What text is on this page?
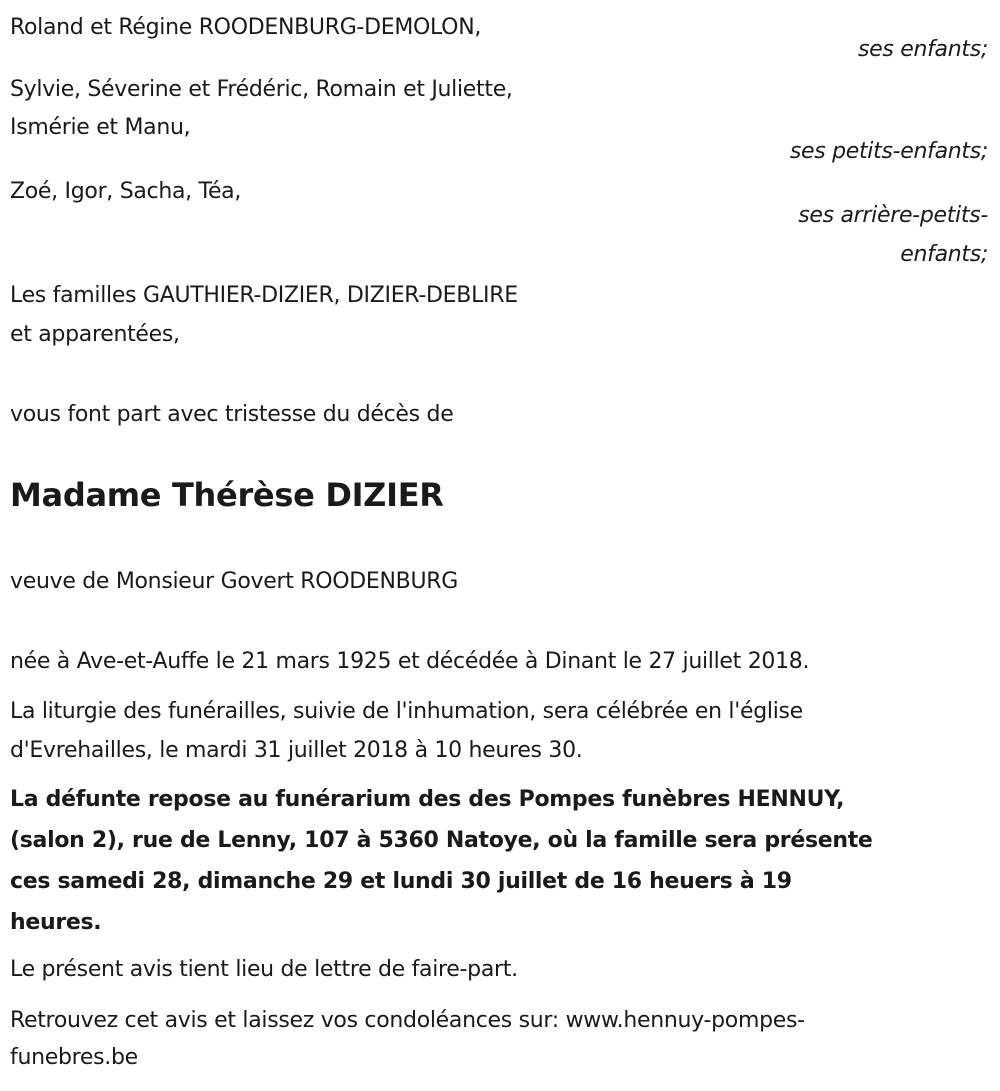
Roland et Régine ROODENBURG-DEMOLON,
ses enfants;
Sylvie, Séverine et Frédéric, Romain et Juliette,
Ismérie et Manu,
ses petits-enfants;
Zoé, Igor, Sacha, Téa,
ses arrière-petits-
enfants;
Les familles GAUTHIER-DIZIER, DIZIER-DEBLIRE
et apparentées,
vous font part avec tristesse du décès de
Madame Thérèse DIZIER
veuve de Monsieur Govert ROODENBURG
née à Ave-et-Auffe le 21 mars 1925 et décédée à Dinant le 27 juillet 2018.
La liturgie des funérailles, suivie de l'inhumation, sera célébrée en l'église
d'Evrehailles, le mardi 31 juillet 2018 à 10 heures 30.
La défunte repose au funérarium des des Pompes funèbres HENNUY,
(salon 2), rue de Lenny, 107 à 5360 Natoye, où la famille sera présente
ces samedi 28, dimanche 29 et lundi 30 juillet de 16 heuers à 19
heures.
Le présent avis tient lieu de lettre de faire-part.
Retrouvez cet avis et laissez vos condoléances sur: www.hennuy-pompes-
funebres.be
